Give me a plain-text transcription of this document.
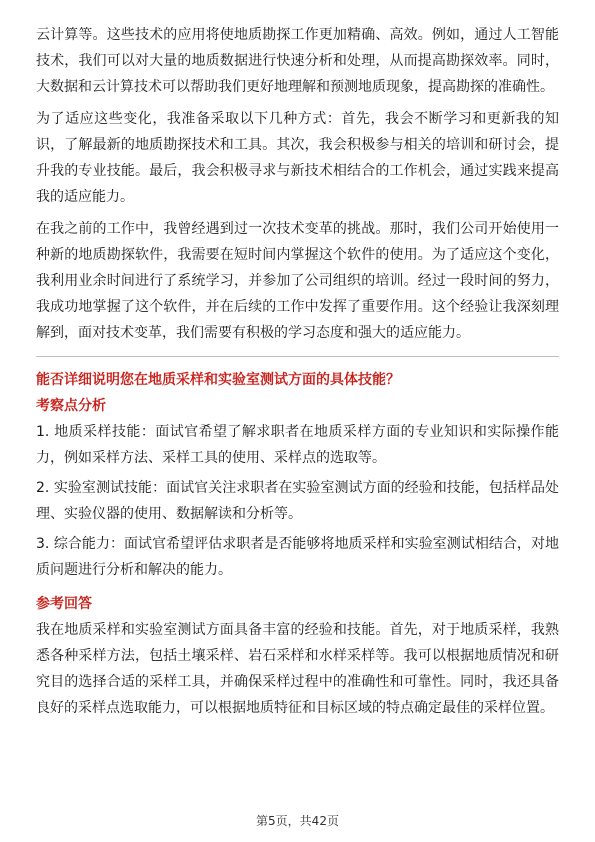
云计算等。这些技术的应用将使地质勘探工作更加精确、高效。例如，通过人工智能技术，我们可以对大量的地质数据进行快速分析和处理，从而提高勘探效率。同时，大数据和云计算技术可以帮助我们更好地理解和预测地质现象，提高勘探的准确性。

为了适应这些变化，我准备采取以下几种方式：首先，我会不断学习和更新我的知识，了解最新的地质勘探技术和工具。其次，我会积极参与相关的培训和研讨会，提升我的专业技能。最后，我会积极寻求与新技术相结合的工作机会，通过实践来提高我的适应能力。

在我之前的工作中，我曾经遇到过一次技术变革的挑战。那时，我们公司开始使用一种新的地质勘探软件，我需要在短时间内掌握这个软件的使用。为了适应这个变化，我利用业余时间进行了系统学习，并参加了公司组织的培训。经过一段时间的努力，我成功地掌握了这个软件，并在后续的工作中发挥了重要作用。这个经验让我深刻理解到，面对技术变革，我们需要有积极的学习态度和强大的适应能力。

能否详细说明您在地质采样和实验室测试方面的具体技能？
考察点分析
1. 地质采样技能：面试官希望了解求职者在地质采样方面的专业知识和实际操作能力，例如采样方法、采样工具的使用、采样点的选取等。
2. 实验室测试技能：面试官关注求职者在实验室测试方面的经验和技能，包括样品处理、实验仪器的使用、数据解读和分析等。
3. 综合能力：面试官希望评估求职者是否能够将地质采样和实验室测试相结合，对地质问题进行分析和解决的能力。
参考回答

我在地质采样和实验室测试方面具备丰富的经验和技能。首先，对于地质采样，我熟悉各种采样方法，包括土壤采样、岩石采样和水样采样等。我可以根据地质情况和研究目的选择合适的采样工具，并确保采样过程中的准确性和可靠性。同时，我还具备良好的采样点选取能力，可以根据地质特征和目标区域的特点确定最佳的采样位置。

第5页，共42页
